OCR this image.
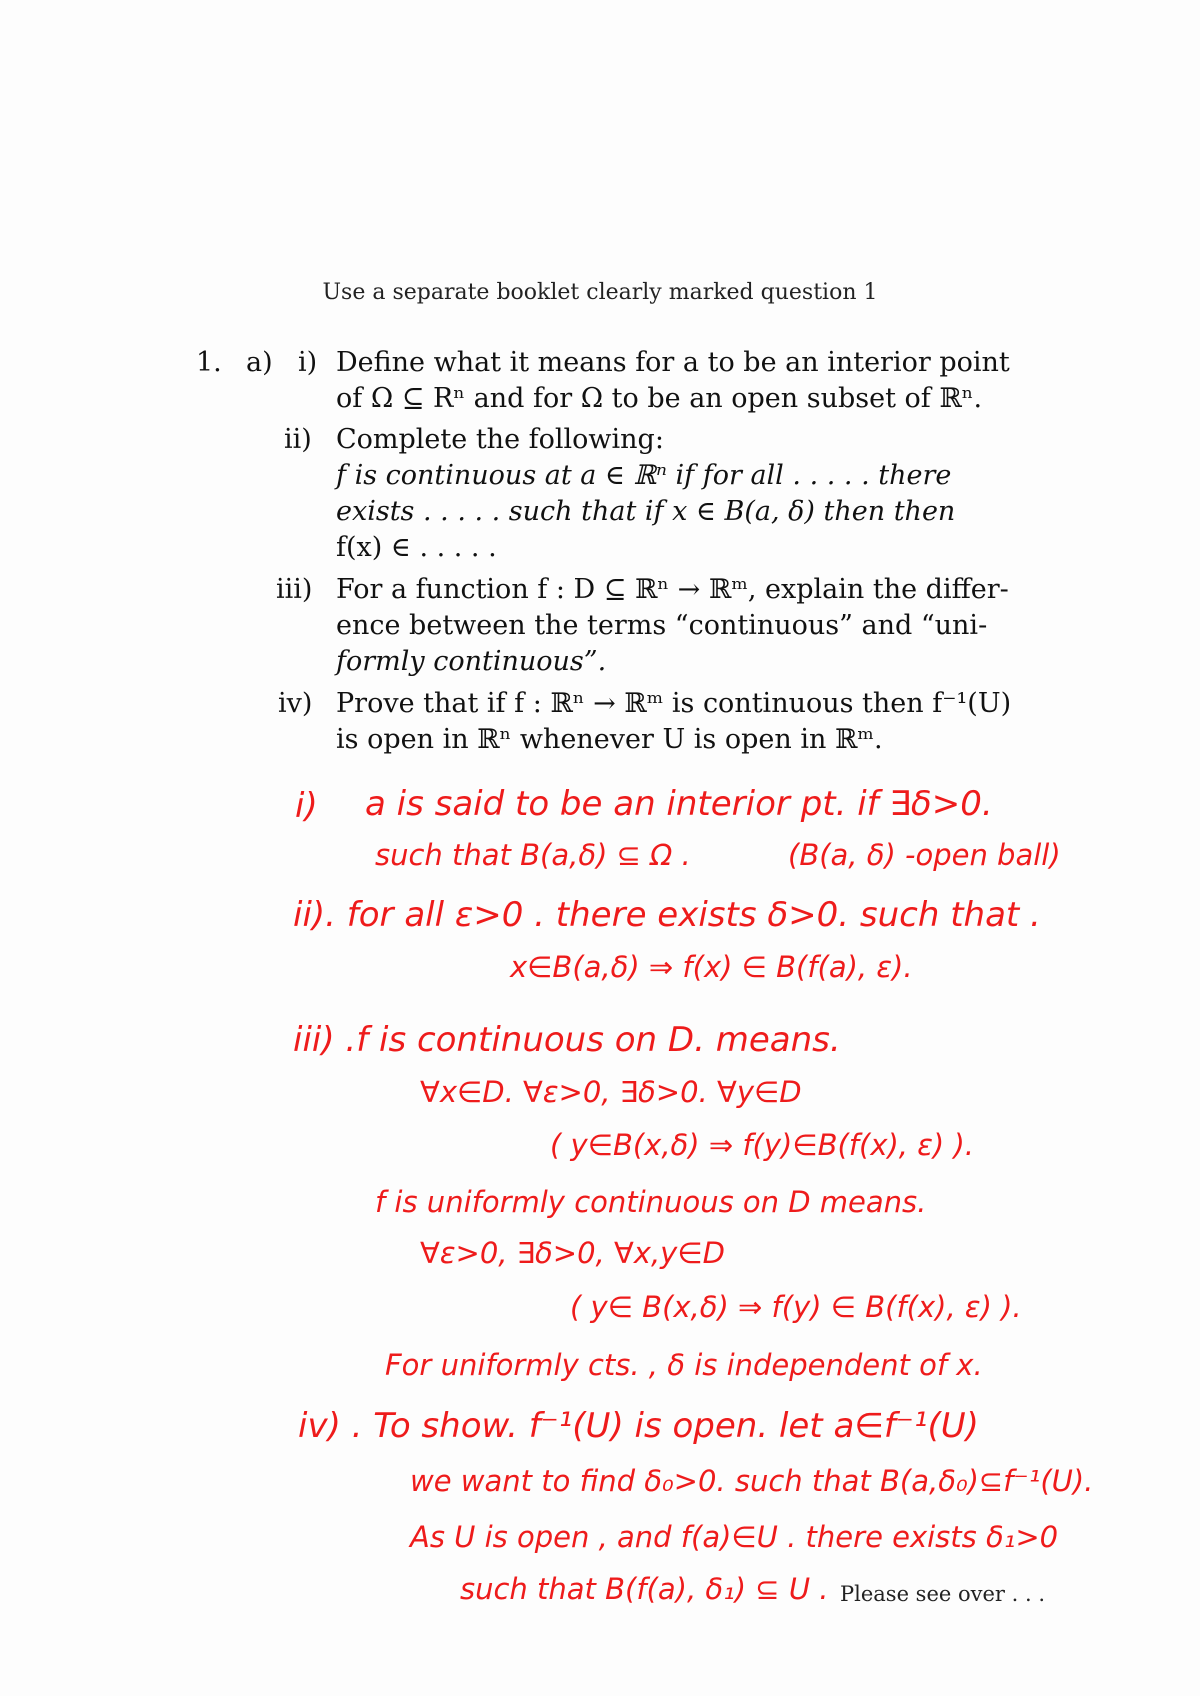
Use a separate booklet clearly marked question 1
1. a) i) Define what it means for a to be an interior point
of Ω ⊆ Rⁿ and for Ω to be an open subset of ℝⁿ.
ii) Complete the following:
f is continuous at a ∈ ℝⁿ if for all . . . . . there
exists . . . . . such that if x ∈ B(a, δ) then then
f(x) ∈ . . . . .
iii) For a function f : D ⊆ ℝⁿ → ℝᵐ, explain the differ-
ence between the terms “continuous” and “uni-
formly continuous”.
iv) Prove that if f : ℝⁿ → ℝᵐ is continuous then f⁻¹(U)
is open in ℝⁿ whenever U is open in ℝᵐ.
i) a is said to be an interior pt. if ∃δ>0.
such that B(a,δ) ⊆ Ω .	(B(a, δ) -open ball)
ii). for all ε>0 . there exists δ>0. such that .
x∈B(a,δ) ⇒ f(x) ∈ B(f(a), ε).
iii) .f is continuous on D. means.
∀x∈D. ∀ε>0, ∃δ>0. ∀y∈D
( y∈B(x,δ) ⇒ f(y)∈B(f(x), ε) ).
f is uniformly continuous on D means.
∀ε>0, ∃δ>0, ∀x,y∈D
( y∈ B(x,δ) ⇒ f(y) ∈ B(f(x), ε) ).
For uniformly cts. , δ is independent of x.
iv) . To show. f⁻¹(U) is open. let a∈f⁻¹(U)
we want to find δ₀>0. such that B(a,δ₀)⊆f⁻¹(U).
As U is open , and f(a)∈U . there exists δ₁>0
such that B(f(a), δ₁) ⊆ U . Please see over . . .
